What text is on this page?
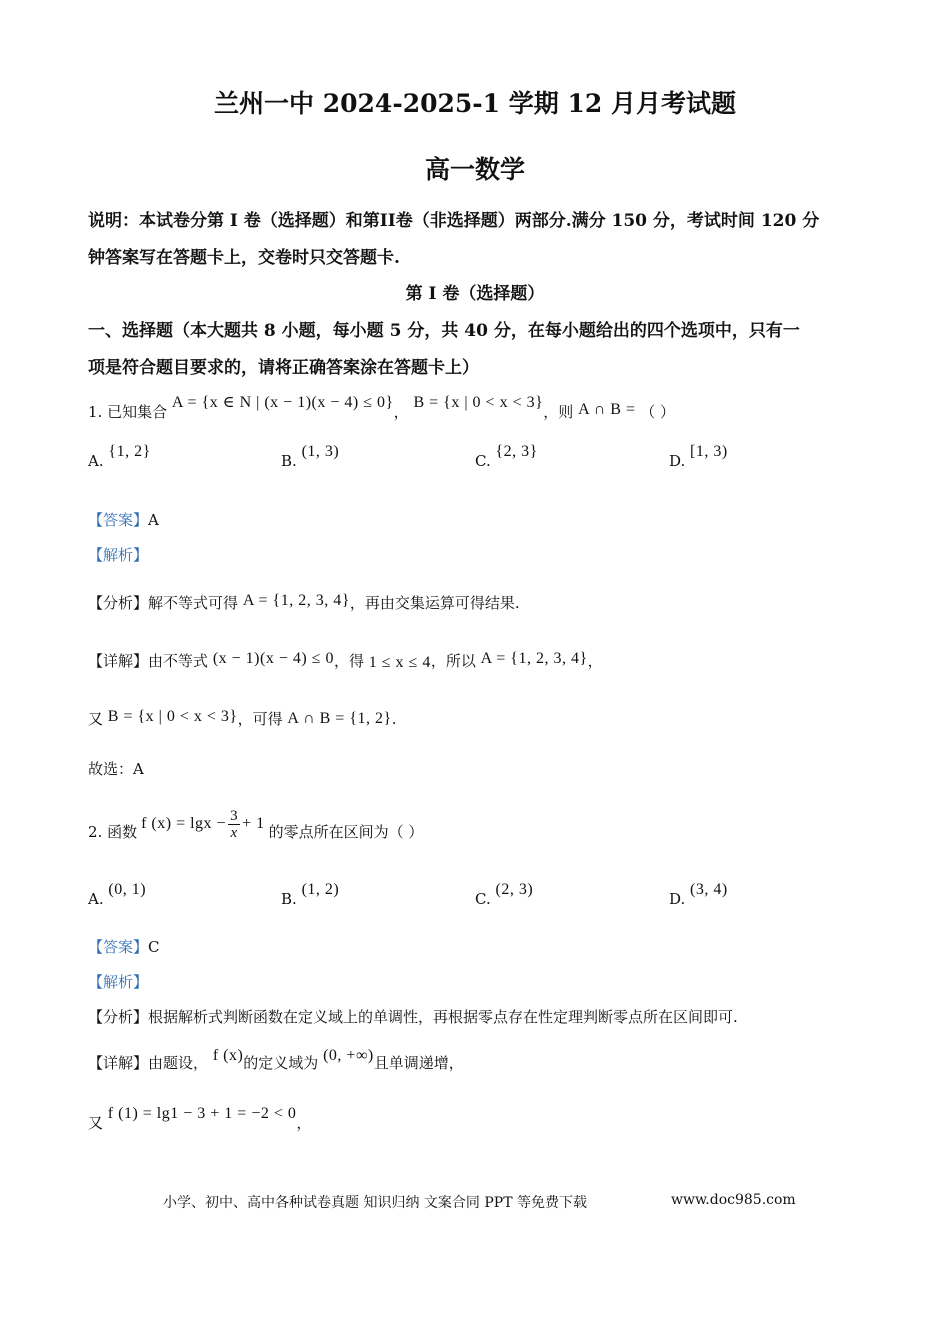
兰州一中 2024-2025-1 学期 12 月月考试题
高一数学
说明：本试卷分第 I 卷（选择题）和第II卷（非选择题）两部分.满分 150 分，考试时间 120 分
钟答案写在答题卡上，交卷时只交答题卡.
第 I 卷（选择题）
一、选择题（本大题共 8 小题，每小题 5 分，共 40 分，在每小题给出的四个选项中，只有一
项是符合题目要求的，请将正确答案涂在答题卡上）
1. 已知集合 A = {x ∈ N | (x − 1)(x − 4) ≤ 0}， B = {x | 0 < x < 3}，则 A ∩ B = （ ）
A. {1, 2}
B. (1, 3)
C. {2, 3}
D. [1, 3)
【答案】A
【解析】
【分析】解不等式可得 A = {1, 2, 3, 4}，再由交集运算可得结果.
【详解】由不等式 (x − 1)(x − 4) ≤ 0，得 1 ≤ x ≤ 4，所以 A = {1, 2, 3, 4}，
又 B = {x | 0 < x < 3}，可得 A ∩ B = {1, 2}.
故选：A
2. 函数 f $(x) = \lg x - \frac{3}{x} + 1$ 的零点所在区间为（ ）
A. (0, 1)
B. (1, 2)
C. (2, 3)
D. (3, 4)
【答案】C
【解析】
【分析】根据解析式判断函数在定义域上的单调性，再根据零点存在性定理判断零点所在区间即可.
【详解】由题设， f (x)的定义域为 (0, +∞)且单调递增，
又 f (1) = lg1 − 3 + 1 = −2 < 0，
小学、初中、高中各种试卷真题 知识归纳 文案合同 PPT 等免费下载	www.doc985.com
